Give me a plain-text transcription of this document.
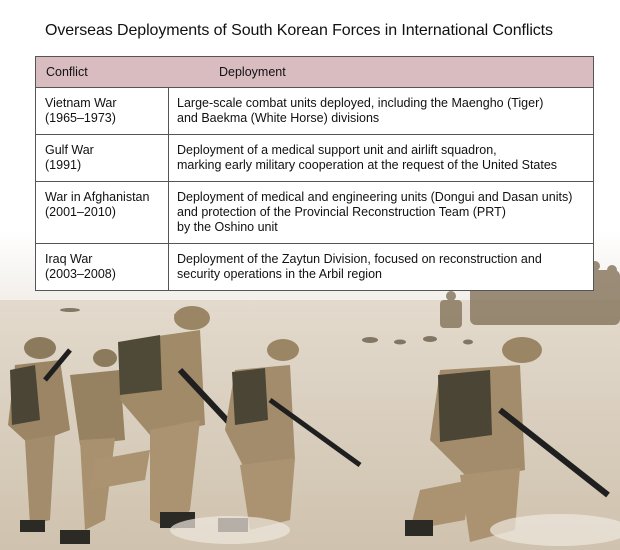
Overseas Deployments of South Korean Forces in International Conflicts
Conflict	Deployment
Vietnam War
(1965–1973)
Large-scale combat units deployed, including the Maengho (Tiger)
and Baekma (White Horse) divisions
Gulf War
(1991)
Deployment of a medical support unit and airlift squadron,
marking early military cooperation at the request of the United States
War in Afghanistan
(2001–2010)
Deployment of medical and engineering units (Dongui and Dasan units)
and protection of the Provincial Reconstruction Team (PRT)
by the Oshino unit
Iraq War
(2003–2008)
Deployment of the Zaytun Division, focused on reconstruction and
security operations in the Arbil region
